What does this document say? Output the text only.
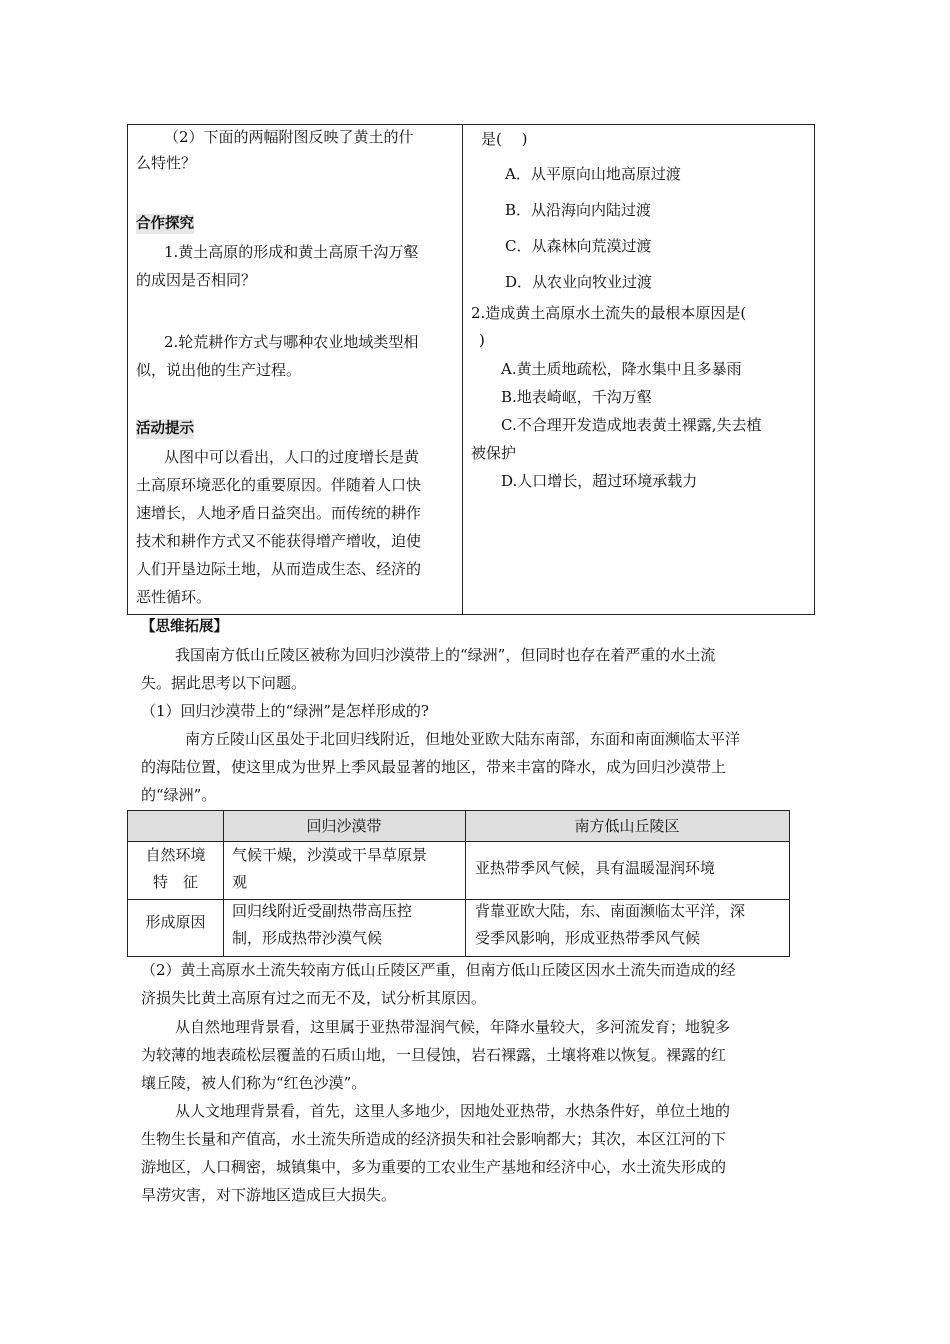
（2）下面的两幅附图反映了黄土的什
么特性？
合作探究
1.黄土高原的形成和黄土高原千沟万壑
的成因是否相同？
2.轮荒耕作方式与哪种农业地域类型相
似，说出他的生产过程。
活动提示
从图中可以看出，人口的过度增长是黄
土高原环境恶化的重要原因。伴随着人口快
速增长，人地矛盾日益突出。而传统的耕作
技术和耕作方式又不能获得增产增收，迫使
人们开垦边际土地，从而造成生态、经济的
恶性循环。
是(　 )
A．从平原向山地高原过渡
B．从沿海向内陆过渡
C．从森林向荒漠过渡
D．从农业向牧业过渡
2.造成黄土高原水土流失的最根本原因是(
)
A.黄土质地疏松，降水集中且多暴雨
B.地表崎岖，千沟万壑
C.不合理开发造成地表黄土裸露,失去植
被保护
D.人口增长，超过环境承载力
【思维拓展】
我国南方低山丘陵区被称为回归沙漠带上的“绿洲”，但同时也存在着严重的水土流
失。据此思考以下问题。
（1）回归沙漠带上的“绿洲”是怎样形成的?
南方丘陵山区虽处于北回归线附近，但地处亚欧大陆东南部，东面和南面濒临太平洋
的海陆位置，使这里成为世界上季风最显著的地区，带来丰富的降水，成为回归沙漠带上
的“绿洲”。
回归沙漠带	南方低山丘陵区
自然环境
特　征
气候干燥，沙漠或干旱草原景
观
亚热带季风气候，具有温暖湿润环境
形成原因
回归线附近受副热带高压控
制，形成热带沙漠气候
背靠亚欧大陆，东、南面濒临太平洋，深
受季风影响，形成亚热带季风气候
（2）黄土高原水土流失较南方低山丘陵区严重，但南方低山丘陵区因水土流失而造成的经
济损失比黄土高原有过之而无不及，试分析其原因。
从自然地理背景看，这里属于亚热带湿润气候，年降水量较大，多河流发育；地貌多
为较薄的地表疏松层覆盖的石质山地，一旦侵蚀，岩石裸露，土壤将难以恢复。裸露的红
壤丘陵，被人们称为“红色沙漠”。
从人文地理背景看，首先，这里人多地少，因地处亚热带，水热条件好，单位土地的
生物生长量和产值高，水土流失所造成的经济损失和社会影响都大；其次，本区江河的下
游地区，人口稠密，城镇集中，多为重要的工农业生产基地和经济中心，水土流失形成的
旱涝灾害，对下游地区造成巨大损失。
